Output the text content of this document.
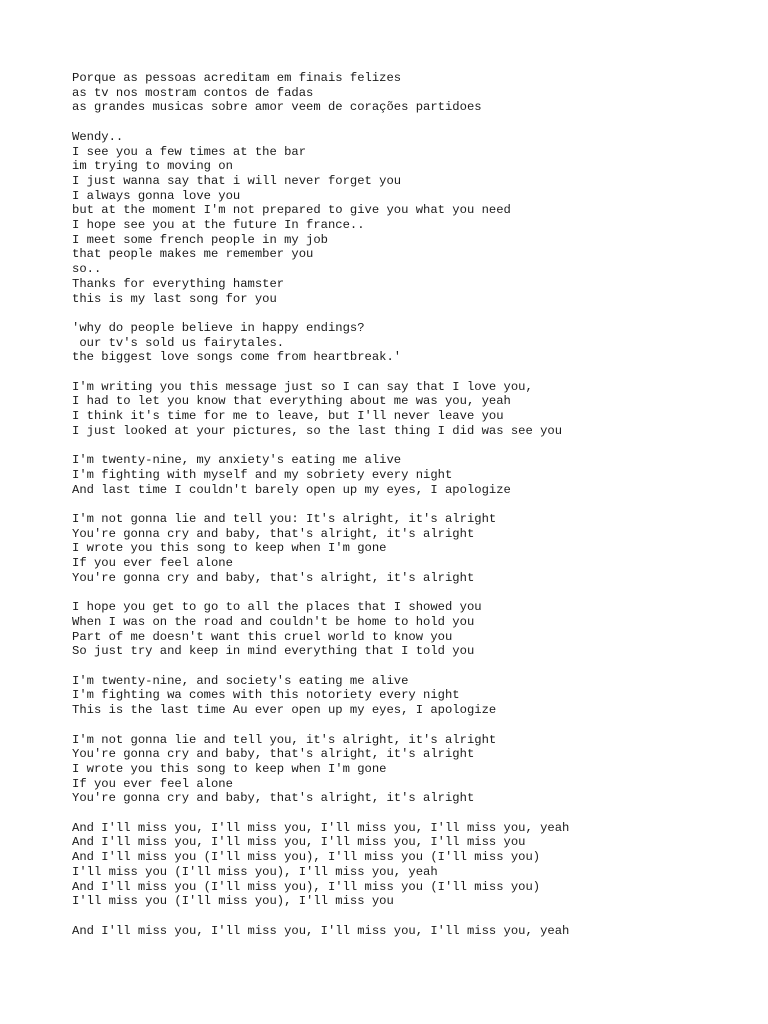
Porque as pessoas acreditam em finais felizes
as tv nos mostram contos de fadas
as grandes musicas sobre amor veem de corações partidoes
Wendy..
I see you a few times at the bar
im trying to moving on
I just wanna say that i will never forget you
I always gonna love you
but at the moment I'm not prepared to give you what you need
I hope see you at the future In france..
I meet some french people in my job
that people makes me remember you
so..
Thanks for everything hamster
this is my last song for you
'why do people believe in happy endings?
our tv's sold us fairytales.
the biggest love songs come from heartbreak.'
I'm writing you this message just so I can say that I love you,
I had to let you know that everything about me was you, yeah
I think it's time for me to leave, but I'll never leave you
I just looked at your pictures, so the last thing I did was see you
I'm twenty-nine, my anxiety's eating me alive
I'm fighting with myself and my sobriety every night
And last time I couldn't barely open up my eyes, I apologize
I'm not gonna lie and tell you: It's alright, it's alright
You're gonna cry and baby, that's alright, it's alright
I wrote you this song to keep when I'm gone
If you ever feel alone
You're gonna cry and baby, that's alright, it's alright
I hope you get to go to all the places that I showed you
When I was on the road and couldn't be home to hold you
Part of me doesn't want this cruel world to know you
So just try and keep in mind everything that I told you
I'm twenty-nine, and society's eating me alive
I'm fighting wa comes with this notoriety every night
This is the last time Au ever open up my eyes, I apologize
I'm not gonna lie and tell you, it's alright, it's alright
You're gonna cry and baby, that's alright, it's alright
I wrote you this song to keep when I'm gone
If you ever feel alone
You're gonna cry and baby, that's alright, it's alright
And I'll miss you, I'll miss you, I'll miss you, I'll miss you, yeah
And I'll miss you, I'll miss you, I'll miss you, I'll miss you
And I'll miss you (I'll miss you), I'll miss you (I'll miss you)
I'll miss you (I'll miss you), I'll miss you, yeah
And I'll miss you (I'll miss you), I'll miss you (I'll miss you)
I'll miss you (I'll miss you), I'll miss you
And I'll miss you, I'll miss you, I'll miss you, I'll miss you, yeah
